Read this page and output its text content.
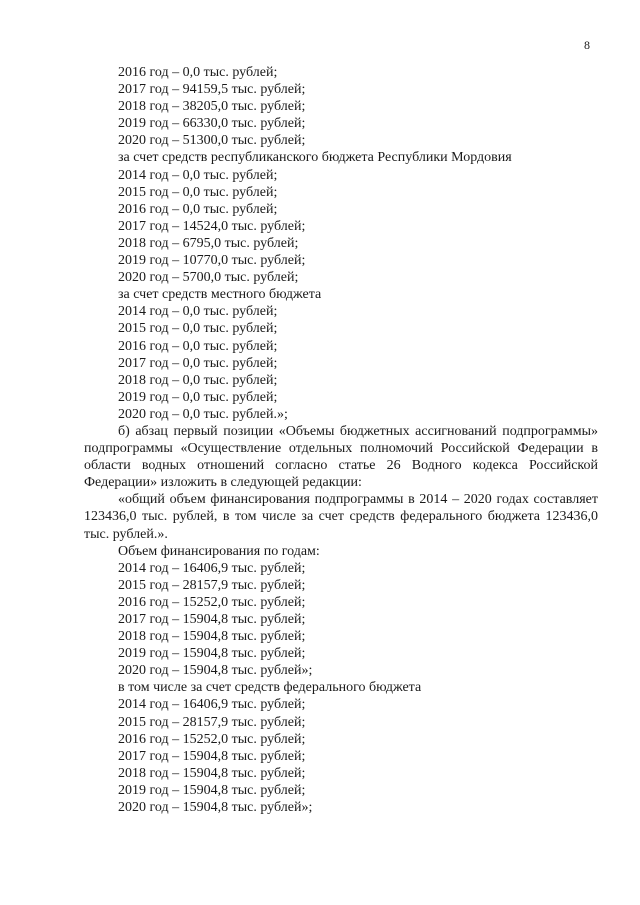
8
2016 год – 0,0 тыс. рублей;
2017 год – 94159,5 тыс. рублей;
2018 год – 38205,0 тыс. рублей;
2019 год – 66330,0 тыс. рублей;
2020 год – 51300,0 тыс. рублей;
за счет средств республиканского бюджета Республики Мордовия
2014 год – 0,0 тыс. рублей;
2015 год – 0,0 тыс. рублей;
2016 год – 0,0 тыс. рублей;
2017 год – 14524,0 тыс. рублей;
2018 год – 6795,0 тыс. рублей;
2019 год – 10770,0 тыс. рублей;
2020 год – 5700,0 тыс. рублей;
за счет средств местного бюджета
2014 год – 0,0 тыс. рублей;
2015 год – 0,0 тыс. рублей;
2016 год – 0,0 тыс. рублей;
2017 год – 0,0 тыс. рублей;
2018 год – 0,0 тыс. рублей;
2019 год – 0,0 тыс. рублей;
2020 год – 0,0 тыс. рублей.»;
б) абзац первый позиции «Объемы бюджетных ассигнований подпрограммы» подпрограммы «Осуществление отдельных полномочий Российской Федерации в области водных отношений согласно статье 26 Водного кодекса Российской Федерации» изложить в следующей редакции:
«общий объем финансирования подпрограммы в 2014 – 2020 годах составляет 123436,0 тыс. рублей, в том числе за счет средств федерального бюджета 123436,0 тыс. рублей.».
Объем финансирования по годам:
2014 год – 16406,9 тыс. рублей;
2015 год – 28157,9 тыс. рублей;
2016 год – 15252,0 тыс. рублей;
2017 год – 15904,8 тыс. рублей;
2018 год – 15904,8 тыс. рублей;
2019 год – 15904,8 тыс. рублей;
2020 год – 15904,8 тыс. рублей»;
в том числе за счет средств федерального бюджета
2014 год – 16406,9 тыс. рублей;
2015 год – 28157,9 тыс. рублей;
2016 год – 15252,0 тыс. рублей;
2017 год – 15904,8 тыс. рублей;
2018 год – 15904,8 тыс. рублей;
2019 год – 15904,8 тыс. рублей;
2020 год – 15904,8 тыс. рублей»;
